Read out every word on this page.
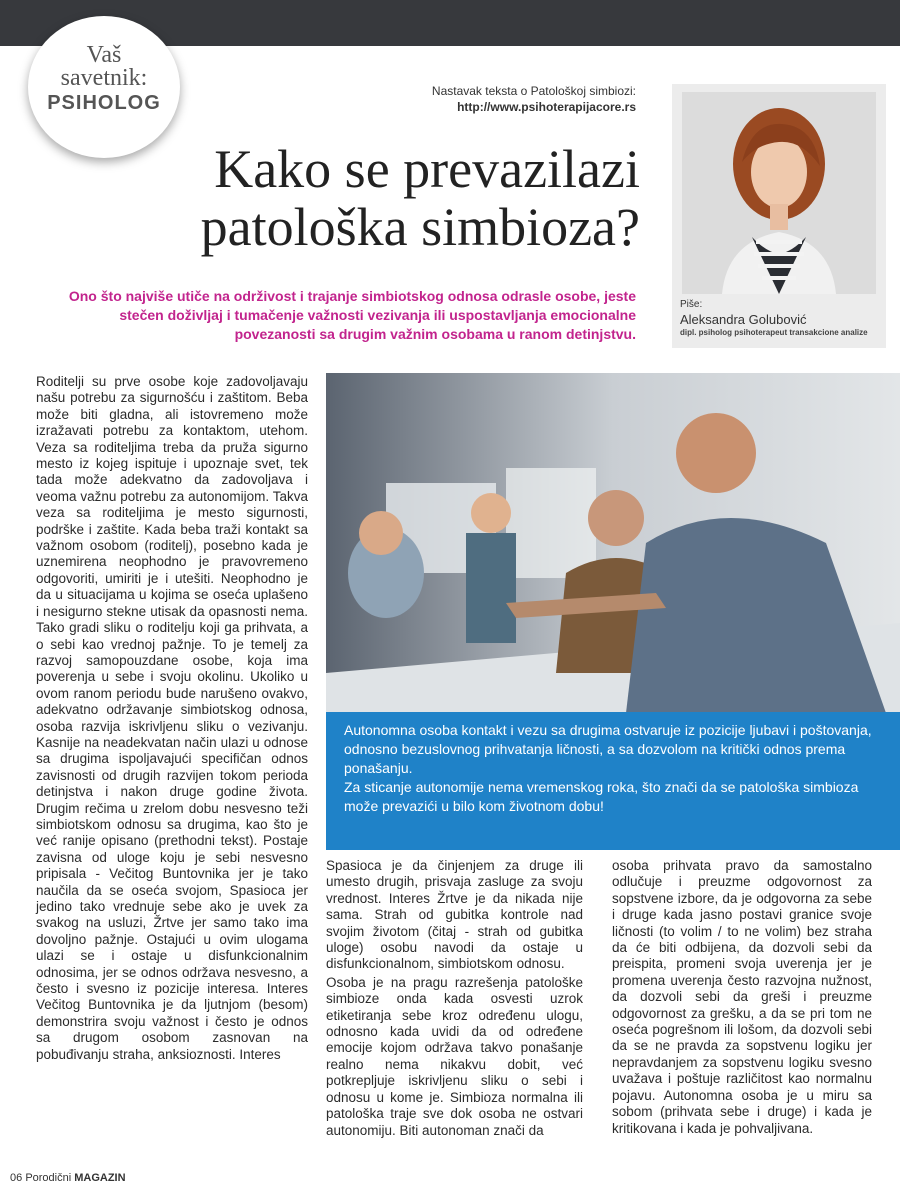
Vaš
savetnik:
PSIHOLOG
Nastavak teksta o Patološkoj simbiozi:
http://www.psihoterapijacore.rs
Kako se prevazilazi
patološka simbioza?
Ono što najviše utiče na održivost i trajanje simbiotskog odnosa odrasle osobe, jeste stečen doživljaj i tumačenje važnosti vezivanja ili uspostavljanja emocionalne povezanosti sa drugim važnim osobama u ranom detinjstvu.
Piše:
Aleksandra Golubović
dipl. psiholog psihoterapeut transakcione analize

Roditelji su prve osobe koje zadovoljavaju našu potrebu za sigurnošću i zaštitom. Beba može biti gladna, ali istovremeno može izražavati potrebu za kontaktom, utehom. Veza sa roditeljima treba da pruža sigurno mesto iz kojeg ispituje i upoznaje svet, tek tada može adekvatno da zadovoljava i veoma važnu potrebu za autonomijom. Takva veza sa roditeljima je mesto sigurnosti, podrške i zaštite. Kada beba traži kontakt sa važnom osobom (roditelj), posebno kada je uznemirena neophodno je pravovremeno odgovoriti, umiriti je i utešiti. Neophodno je da u situacijama u kojima se oseća uplašeno i nesigurno stekne utisak da opasnosti nema. Tako gradi sliku o roditelju koji ga prihvata, a o sebi kao vrednoj pažnje. To je temelj za razvoj samopouzdane osobe, koja ima poverenja u sebe i svoju okolinu. Ukoliko u ovom ranom periodu bude narušeno ovakvo, adekvatno održavanje simbiotskog odnosa, osoba razvija iskrivljenu sliku o vezivanju. Kasnije na neadekvatan način ulazi u odnose sa drugima ispoljavajući specifičan odnos zavisnosti od drugih razvijen tokom perioda detinjstva i nakon druge godine života. Drugim rečima u zrelom dobu nesvesno teži simbiotskom odnosu sa drugima, kao što je već ranije opisano (prethodni tekst). Postaje zavisna od uloge koju je sebi nesvesno pripisala - Večitog Buntovnika jer je tako naučila da se oseća svojom, Spasioca jer jedino tako vrednuje sebe ako je uvek za svakog na usluzi, Žrtve jer samo tako ima dovoljno pažnje. Ostajući u ovim ulogama ulazi se i ostaje u disfunkcionalnim odnosima, jer se odnos održava nesvesno, a često i svesno iz pozicije interesa. Interes Večitog Buntovnika je da ljutnjom (besom) demonstrira svoju važnost i često je odnos sa drugom osobom zasnovan na pobuđivanju straha, anksioznosti. Interes

Autonomna osoba kontakt i vezu sa drugima ostvaruje iz pozicije ljubavi i poštovanja, odnosno bezuslovnog prihvatanja ličnosti, a sa dozvolom na kritički odnos prema ponašanju.

Za sticanje autonomije nema vremenskog roka, što znači da se patološka simbioza može prevazići u bilo kom životnom dobu!

Spasioca je da činjenjem za druge ili umesto drugih, prisvaja zasluge za svoju vrednost. Interes Žrtve je da nikada nije sama. Strah od gubitka kontrole nad svojim životom (čitaj - strah od gubitka uloge) osobu navodi da ostaje u disfunkcionalnom, simbiotskom odnosu.

Osoba je na pragu razrešenja patološke simbioze onda kada osvesti uzrok etiketiranja sebe kroz određenu ulogu, odnosno kada uvidi da od određene emocije kojom održava takvo ponašanje realno nema nikakvu dobit, već potkrepljuje iskrivljenu sliku o sebi i odnosu u kome je. Simbioza normalna ili patološka traje sve dok osoba ne ostvari autonomiju. Biti autonoman znači da

osoba prihvata pravo da samostalno odlučuje i preuzme odgovornost za sopstvene izbore, da je odgovorna za sebe i druge kada jasno postavi granice svoje ličnosti (to volim / to ne volim) bez straha da će biti odbijena, da dozvoli sebi da preispita, promeni svoja uverenja jer je promena uverenja često razvojna nužnost, da dozvoli sebi da greši i preuzme odgovornost za grešku, a da se pri tom ne oseća pogrešnom ili lošom, da dozvoli sebi da se ne pravda za sopstvenu logiku jer nepravdanjem za sopstvenu logiku svesno uvažava i poštuje različitost kao normalnu pojavu. Autonomna osoba je u miru sa sobom (prihvata sebe i druge) i kada je kritikovana i kada je pohvaljivana.

06 Porodični MAGAZIN
